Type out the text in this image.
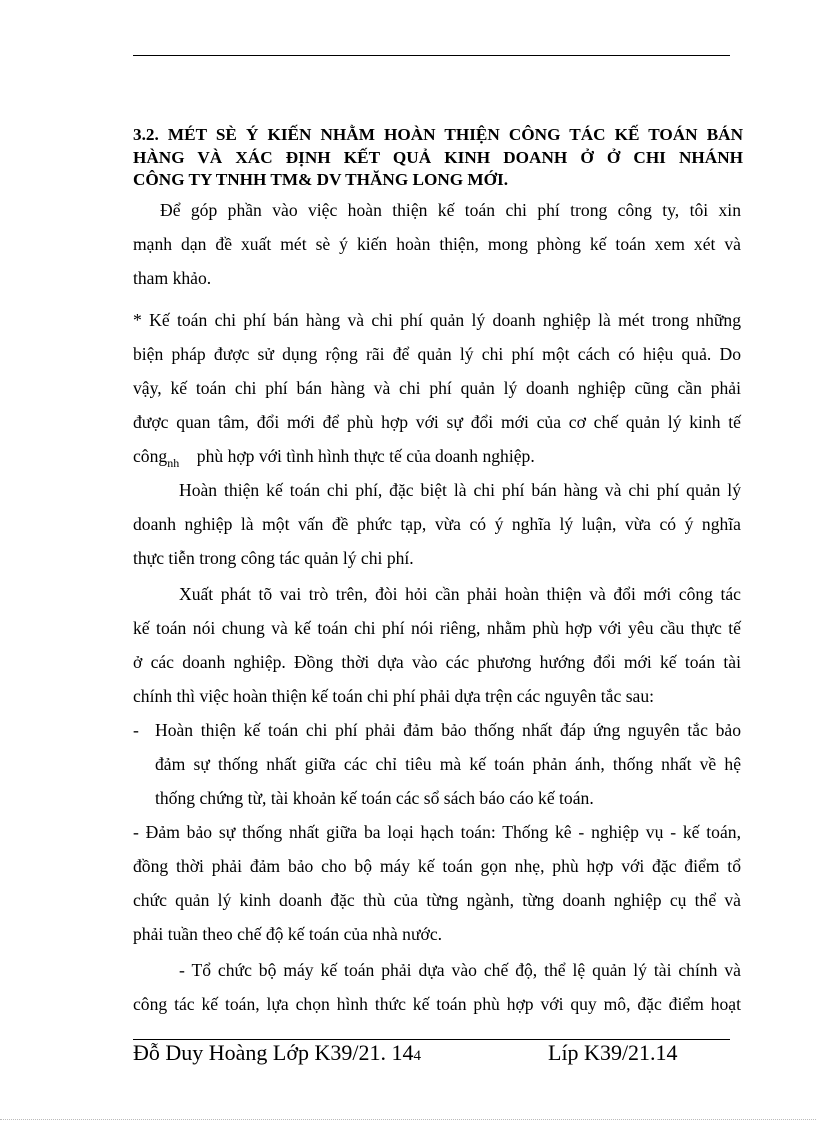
3.2. MÉT SÈ Ý KIẾN NHẰM HOÀN THIỆN CÔNG TÁC KẾ TOÁN BÁN
HÀNG VÀ XÁC ĐỊNH KẾT QUẢ KINH DOANH Ở Ở CHI NHÁNH
CÔNG TY TNHH TM& DV THĂNG LONG MỚI.
Để góp phần vào việc hoàn thiện kế toán chi phí trong công ty, tôi xin
mạnh dạn đề xuất mét sè ý kiến hoàn thiện, mong phòng kế toán xem xét và
tham khảo.
* Kế toán chi phí bán hàng và chi phí quản lý doanh nghiệp là mét trong những
biện pháp được sử dụng rộng rãi để quản lý chi phí một cách có hiệu quả. Do
vậy, kế toán chi phí bán hàng và chi phí quản lý doanh nghiệp cũng cần phải
được quan tâm, đổi mới để phù hợp với sự đổi mới của cơ chế quản lý kinh tế
công$_{nh}$ phù hợp với tình hình thực tế của doanh nghiệp.
Hoàn thiện kế toán chi phí, đặc biệt là chi phí bán hàng và chi phí quản lý
doanh nghiệp là một vấn đề phức tạp, vừa có ý nghĩa lý luận, vừa có ý nghĩa
thực tiễn trong công tác quản lý chi phí.
Xuất phát tõ vai trò trên, đòi hỏi cần phải hoàn thiện và đổi mới công tác
kế toán nói chung và kế toán chi phí nói riêng, nhằm phù hợp với yêu cầu thực tế
ở các doanh nghiệp. Đồng thời dựa vào các phương hướng đổi mới kế toán tài
chính thì việc hoàn thiện kế toán chi phí phải dựa trện các nguyên tắc sau:
- Hoàn thiện kế toán chi phí phải đảm bảo thống nhất đáp ứng nguyên tắc bảo
đảm sự thống nhất giữa các chỉ tiêu mà kế toán phản ánh, thống nhất về hệ
thống chứng từ, tài khoản kế toán các sổ sách báo cáo kế toán.
- Đảm bảo sự thống nhất giữa ba loại hạch toán: Thống kê - nghiệp vụ - kế toán,
đồng thời phải đảm bảo cho bộ máy kế toán gọn nhẹ, phù hợp với đặc điểm tổ
chức quản lý kinh doanh đặc thù của từng ngành, từng doanh nghiệp cụ thể và
phải tuần theo chế độ kế toán của nhà nước.
- Tổ chức bộ máy kế toán phải dựa vào chế độ, thể lệ quản lý tài chính và
công tác kế toán, lựa chọn hình thức kế toán phù hợp với quy mô, đặc điểm hoạt
Đỗ Duy Hoàng Lớp K39/21. 144	Líp K39/21.14
